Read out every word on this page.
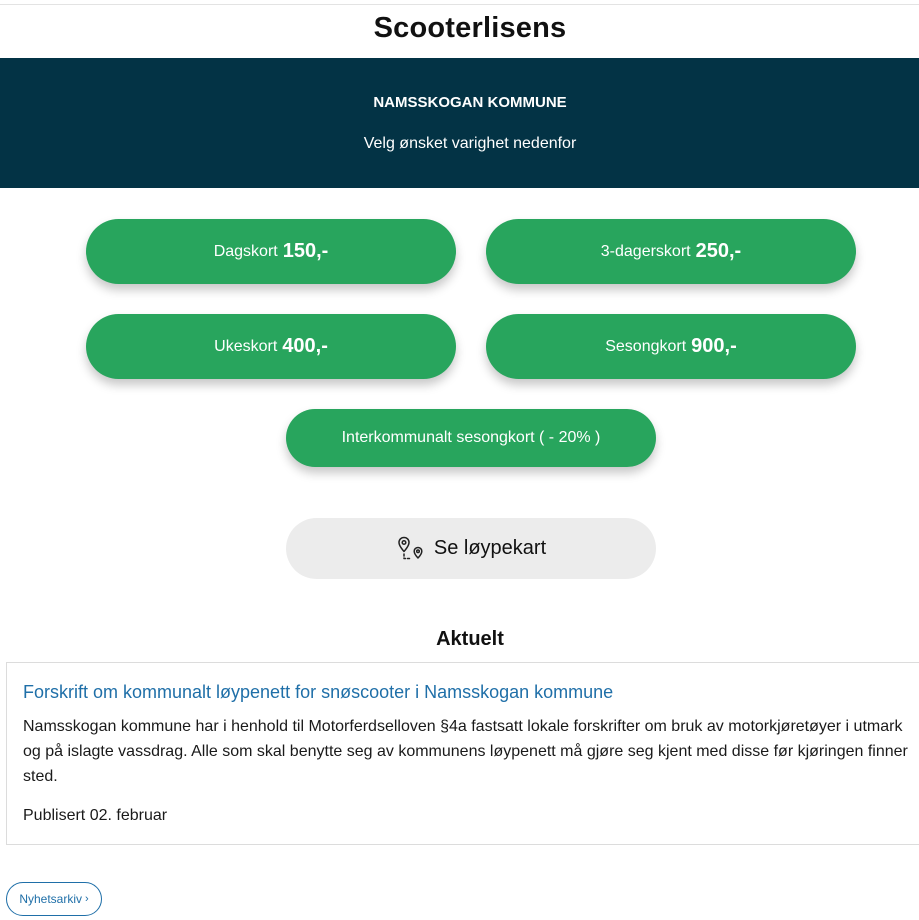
Scooterlisens
NAMSSKOGAN KOMMUNE
Velg ønsket varighet nedenfor
Dagskort 150,-	3-dagerskort 250,-
Ukeskort 400,-	Sesongkort 900,-
Interkommunalt sesongkort ( - 20% )
Se løypekart
Aktuelt
Forskrift om kommunalt løypenett for snøscooter i Namsskogan kommune

Namsskogan kommune har i henhold til Motorferdselloven §4a fastsatt lokale forskrifter om bruk av motorkjøretøyer i utmark og på islagte vassdrag. Alle som skal benytte seg av kommunens løypenett må gjøre seg kjent med disse før kjøringen finner sted.

Publisert 02. februar

Nyhetsarkiv ›
